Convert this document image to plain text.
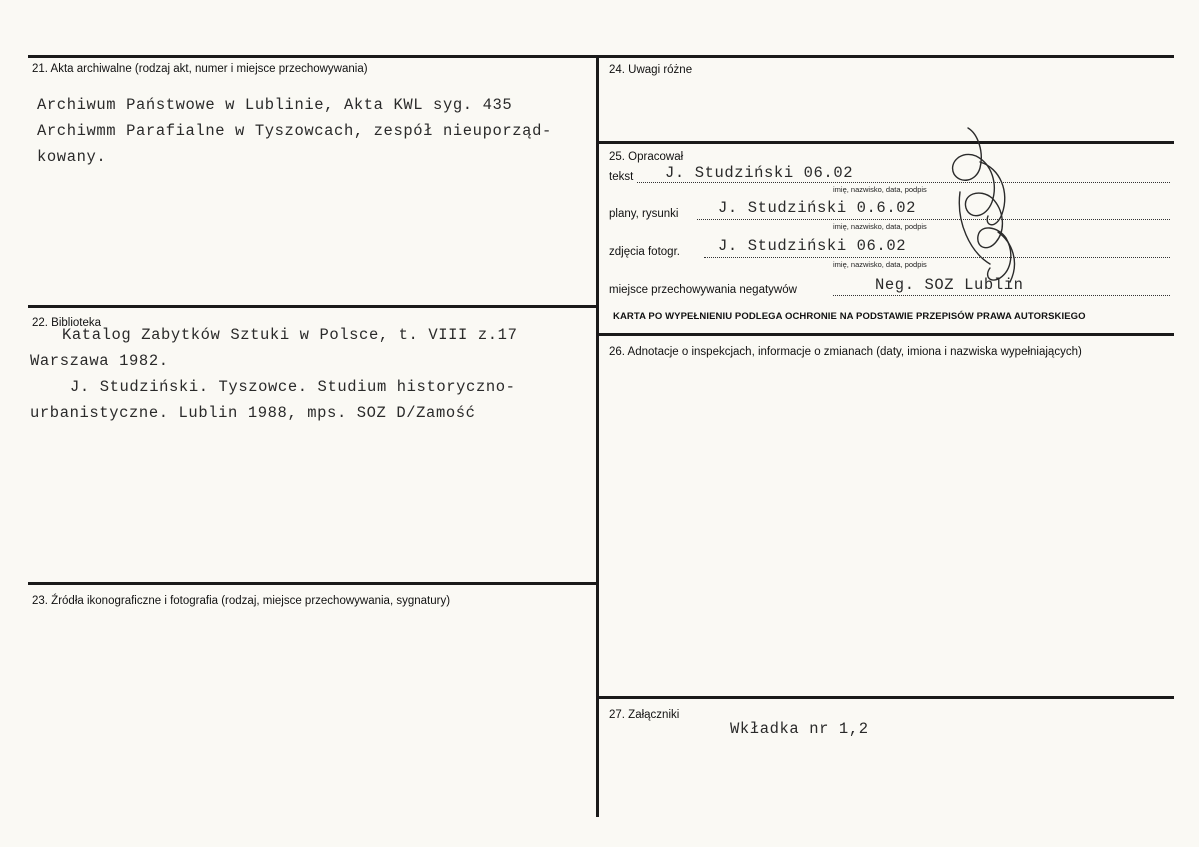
21. Akta archiwalne (rodzaj akt, numer i miejsce przechowywania)
Archiwum Państwowe w Lublinie, Akta KWL syg. 435
Archiwmm Parafialne w Tyszowcach, zespół nieuporząd-
kowany.
22. Biblioteka
Katalog Zabytków Sztuki w Polsce, t. VIII z.17
Warszawa 1982.
J. Studziński. Tyszowce. Studium historyczno-
urbanistyczne. Lublin 1988, mps. SOZ D/Zamość
23. Źródła ikonograficzne i fotografia (rodzaj, miejsce przechowywania, sygnatury)
24. Uwagi różne
25. Opracował
tekst J. Studziński 06.02
imię, nazwisko, data, podpis
plany, rysunki	J. Studziński 0.6.02
imię, nazwisko, data, podpis
zdjęcia fotogr. J. Studziński 06.02
imię, nazwisko, data, podpis
miejsce przechowywania negatywów	Neg. SOZ Lublin
KARTA PO WYPEŁNIENIU PODLEGA OCHRONIE NA PODSTAWIE PRZEPISÓW PRAWA AUTORSKIEGO
26. Adnotacje o inspekcjach, informacje o zmianach (daty, imiona i nazwiska wypełniających)
27. Załączniki
Wkładka nr 1,2
